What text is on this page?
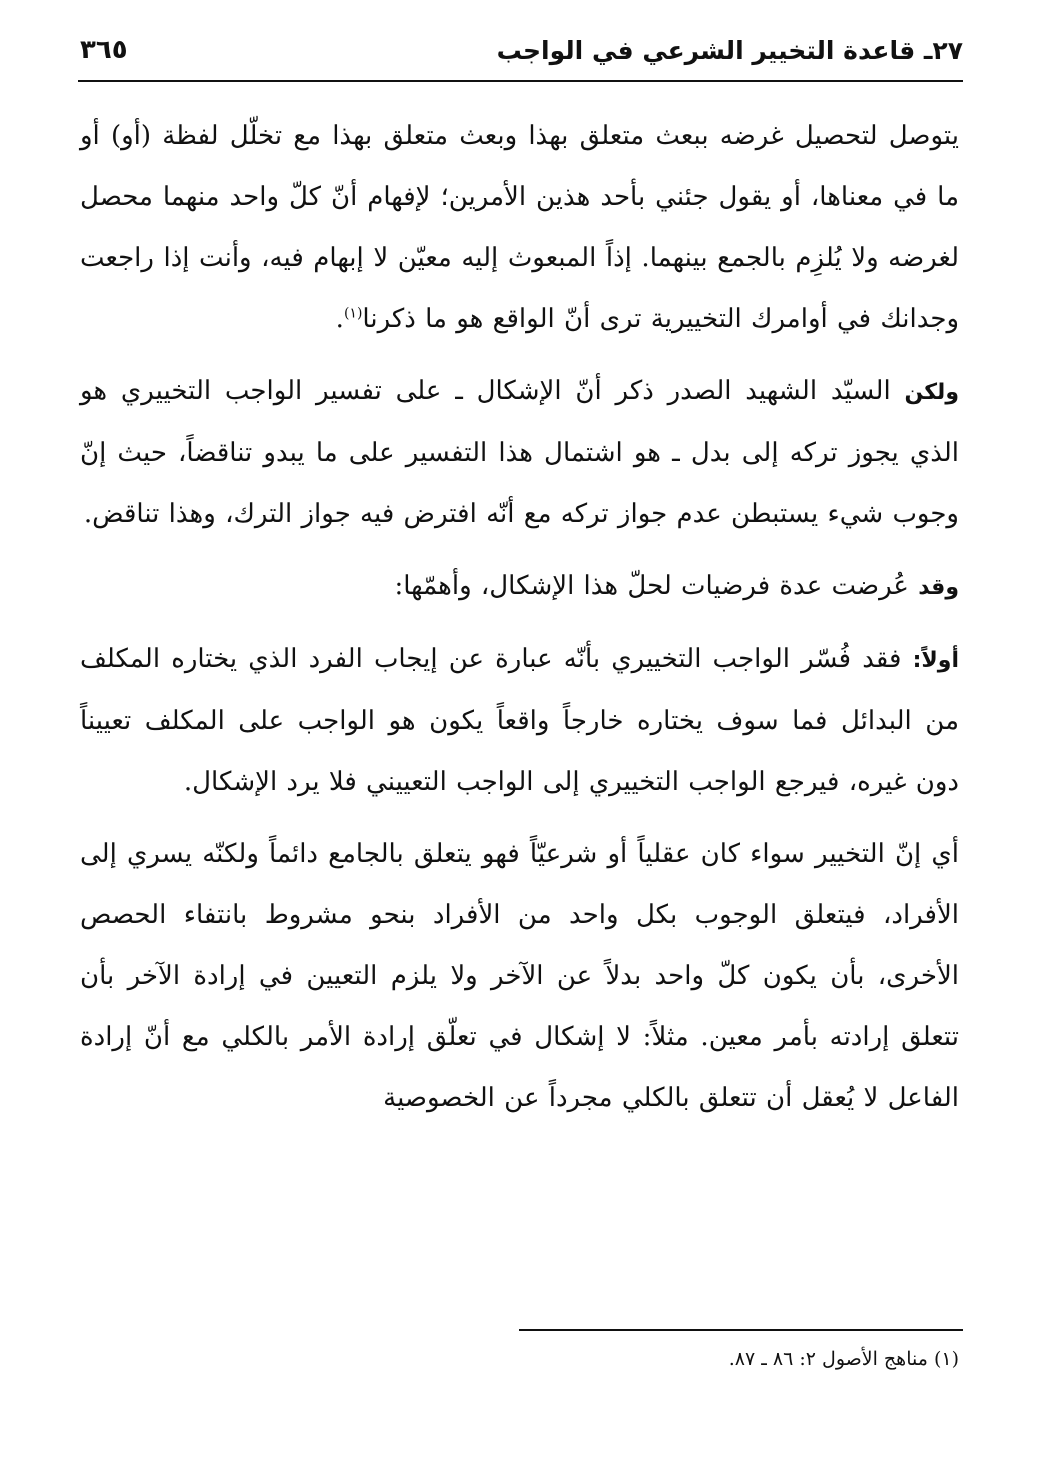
٢٧ـ قاعدة التخيير الشرعي في الواجب
٣٦٥

يتوصل لتحصيل غرضه ببعث متعلق بهذا وبعث متعلق بهذا مع تخلّل لفظة (أو) أو ما في معناها، أو يقول جئني بأحد هذين الأمرين؛ لإفهام أنّ كلّ واحد منهما محصل لغرضه ولا يُلزِم بالجمع بينهما. إذاً المبعوث إليه معيّن لا إبهام فيه، وأنت إذا راجعت وجدانك في أوامرك التخييرية ترى أنّ الواقع هو ما ذكرنا$^{(١)}$.

ولكن السيّد الشهيد الصدر ذكر أنّ الإشكال ـ على تفسير الواجب التخييري هو الذي يجوز تركه إلى بدل ـ هو اشتمال هذا التفسير على ما يبدو تناقضاً، حيث إنّ وجوب شيء يستبطن عدم جواز تركه مع أنّه افترض فيه جواز الترك، وهذا تناقض.

وقد عُرضت عدة فرضيات لحلّ هذا الإشكال، وأهمّها:

أولاً: فقد فُسّر الواجب التخييري بأنّه عبارة عن إيجاب الفرد الذي يختاره المكلف من البدائل فما سوف يختاره خارجاً واقعاً يكون هو الواجب على المكلف تعييناً دون غيره، فيرجع الواجب التخييري إلى الواجب التعييني فلا يرد الإشكال.

أي إنّ التخيير سواء كان عقلياً أو شرعيّاً فهو يتعلق بالجامع دائماً ولكنّه يسري إلى الأفراد، فيتعلق الوجوب بكل واحد من الأفراد بنحو مشروط بانتفاء الحصص الأخرى، بأن يكون كلّ واحد بدلاً عن الآخر ولا يلزم التعيين في إرادة الآخر بأن تتعلق إرادته بأمر معين. مثلاً: لا إشكال في تعلّق إرادة الأمر بالكلي مع أنّ إرادة الفاعل لا يُعقل أن تتعلق بالكلي مجرداً عن الخصوصية

(١) مناهج الأصول ٢: ٨٦ ـ ٨٧.
